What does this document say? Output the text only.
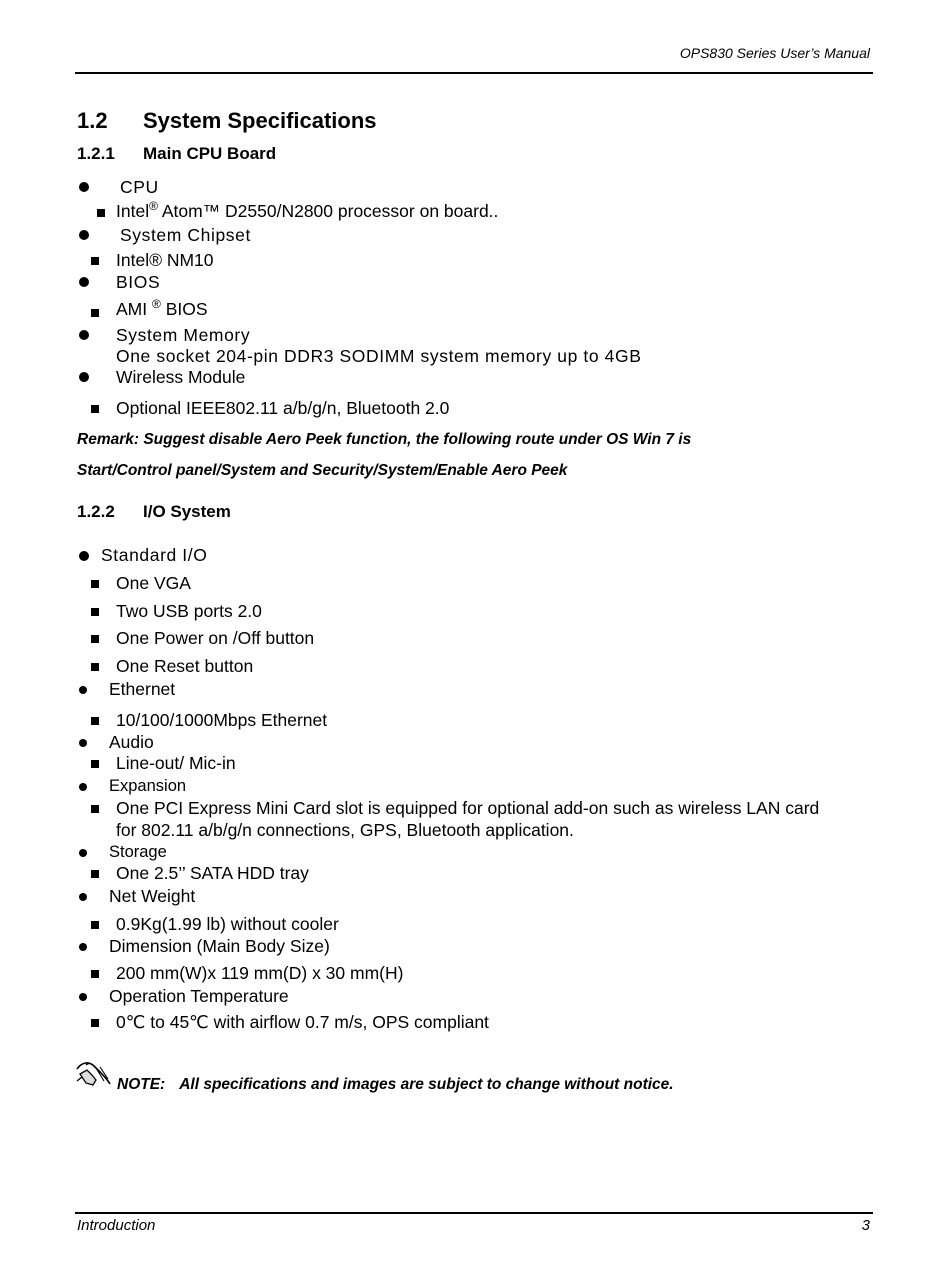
OPS830 Series User’s Manual
1.2 System Specifications
1.2.1 Main CPU Board
CPU
Intel® Atom™ D2550/N2800 processor on board..
System Chipset
Intel® NM10
BIOS
AMI ® BIOS
System Memory
One socket 204-pin DDR3 SODIMM system memory up to 4GB
Wireless Module
Optional IEEE802.11 a/b/g/n, Bluetooth 2.0
Remark: Suggest disable Aero Peek function, the following route under OS Win 7 is
Start/Control panel/System and Security/System/Enable Aero Peek
1.2.2 I/O System
Standard I/O
One VGA
Two USB ports 2.0
One Power on /Off button
One Reset button
Ethernet
10/100/1000Mbps Ethernet
Audio
Line-out/ Mic-in
Expansion
One PCI Express Mini Card slot is equipped for optional add-on such as wireless LAN card
for 802.11 a/b/g/n connections, GPS, Bluetooth application.
Storage
One 2.5’’ SATA HDD tray
Net Weight
0.9Kg(1.99 lb) without cooler
Dimension (Main Body Size)
200 mm(W)x 119 mm(D) x 30 mm(H)
Operation Temperature
0℃ to 45℃ with airflow 0.7 m/s, OPS compliant
NOTE: All specifications and images are subject to change without notice.
Introduction	3
